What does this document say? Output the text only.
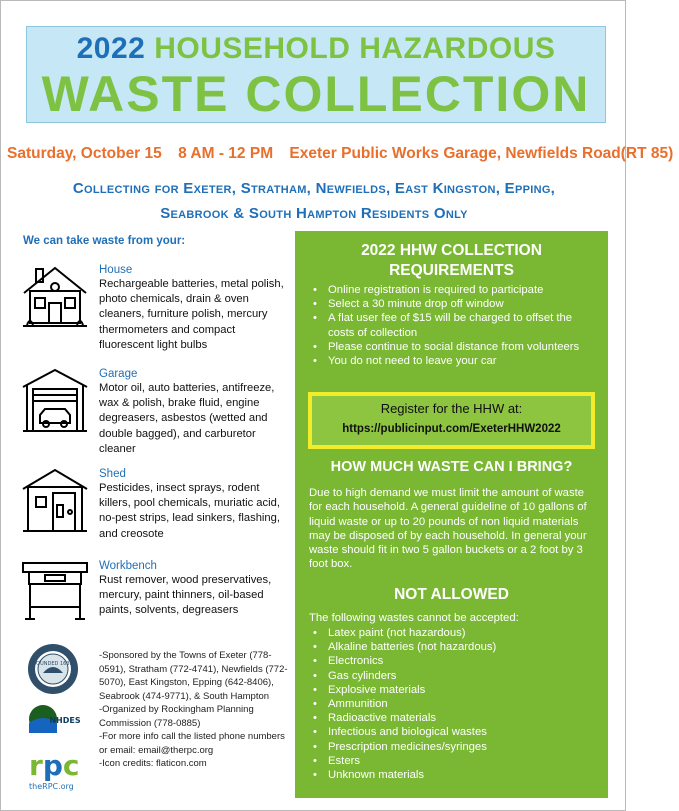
2022 HOUSEHOLD HAZARDOUS
WASTE COLLECTION
Saturday, October 15 8 AM - 12 PM Exeter Public Works Garage, Newfields Road(RT 85)
Collecting for Exeter, Stratham, Newfields, East Kingston, Epping,
Seabrook & South Hampton Residents Only
We can take waste from your:
House
Rechargeable batteries, metal polish, photo chemicals, drain & oven cleaners, furniture polish, mercury thermometers and compact fluorescent light bulbs
Garage
Motor oil, auto batteries, antifreeze, wax & polish, brake fluid, engine degreasers, asbestos (wetted and double bagged), and carburetor cleaner
Shed
Pesticides, insect sprays, rodent killers, pool chemicals, muriatic acid, no-pest strips, lead sinkers, flashing, and creosote
Workbench
Rust remover, wood preservatives, mercury, paint thinners, oil-based paints, solvents, degreasers
FOUNDED 1638
NHDES
rpc
theRPC.org
-Sponsored by the Towns of Exeter (778-0591), Stratham (772-4741), Newfields (772-5070), East Kingston, Epping (642-8406), Seabrook (474-9771), & South Hampton
-Organized by Rockingham Planning Commission (778-0885)
-For more info call the listed phone numbers or email: email@therpc.org
-Icon credits: flaticon.com
2022 HHW COLLECTION REQUIREMENTS
• Online registration is required to participate
• Select a 30 minute drop off window
• A flat user fee of $15 will be charged to offset the costs of collection
• Please continue to social distance from volunteers
• You do not need to leave your car
Register for the HHW at:
https://publicinput.com/ExeterHHW2022
HOW MUCH WASTE CAN I BRING?
Due to high demand we must limit the amount of waste for each household. A general guideline of 10 gallons of liquid waste or up to 20 pounds of non liquid materials may be disposed of by each household. In general your waste should fit in two 5 gallon buckets or a 2 foot by 3 foot box.
NOT ALLOWED
The following wastes cannot be accepted:
• Latex paint (not hazardous)
• Alkaline batteries (not hazardous)
• Electronics
• Gas cylinders
• Explosive materials
• Ammunition
• Radioactive materials
• Infectious and biological wastes
• Prescription medicines/syringes
• Esters
• Unknown materials
